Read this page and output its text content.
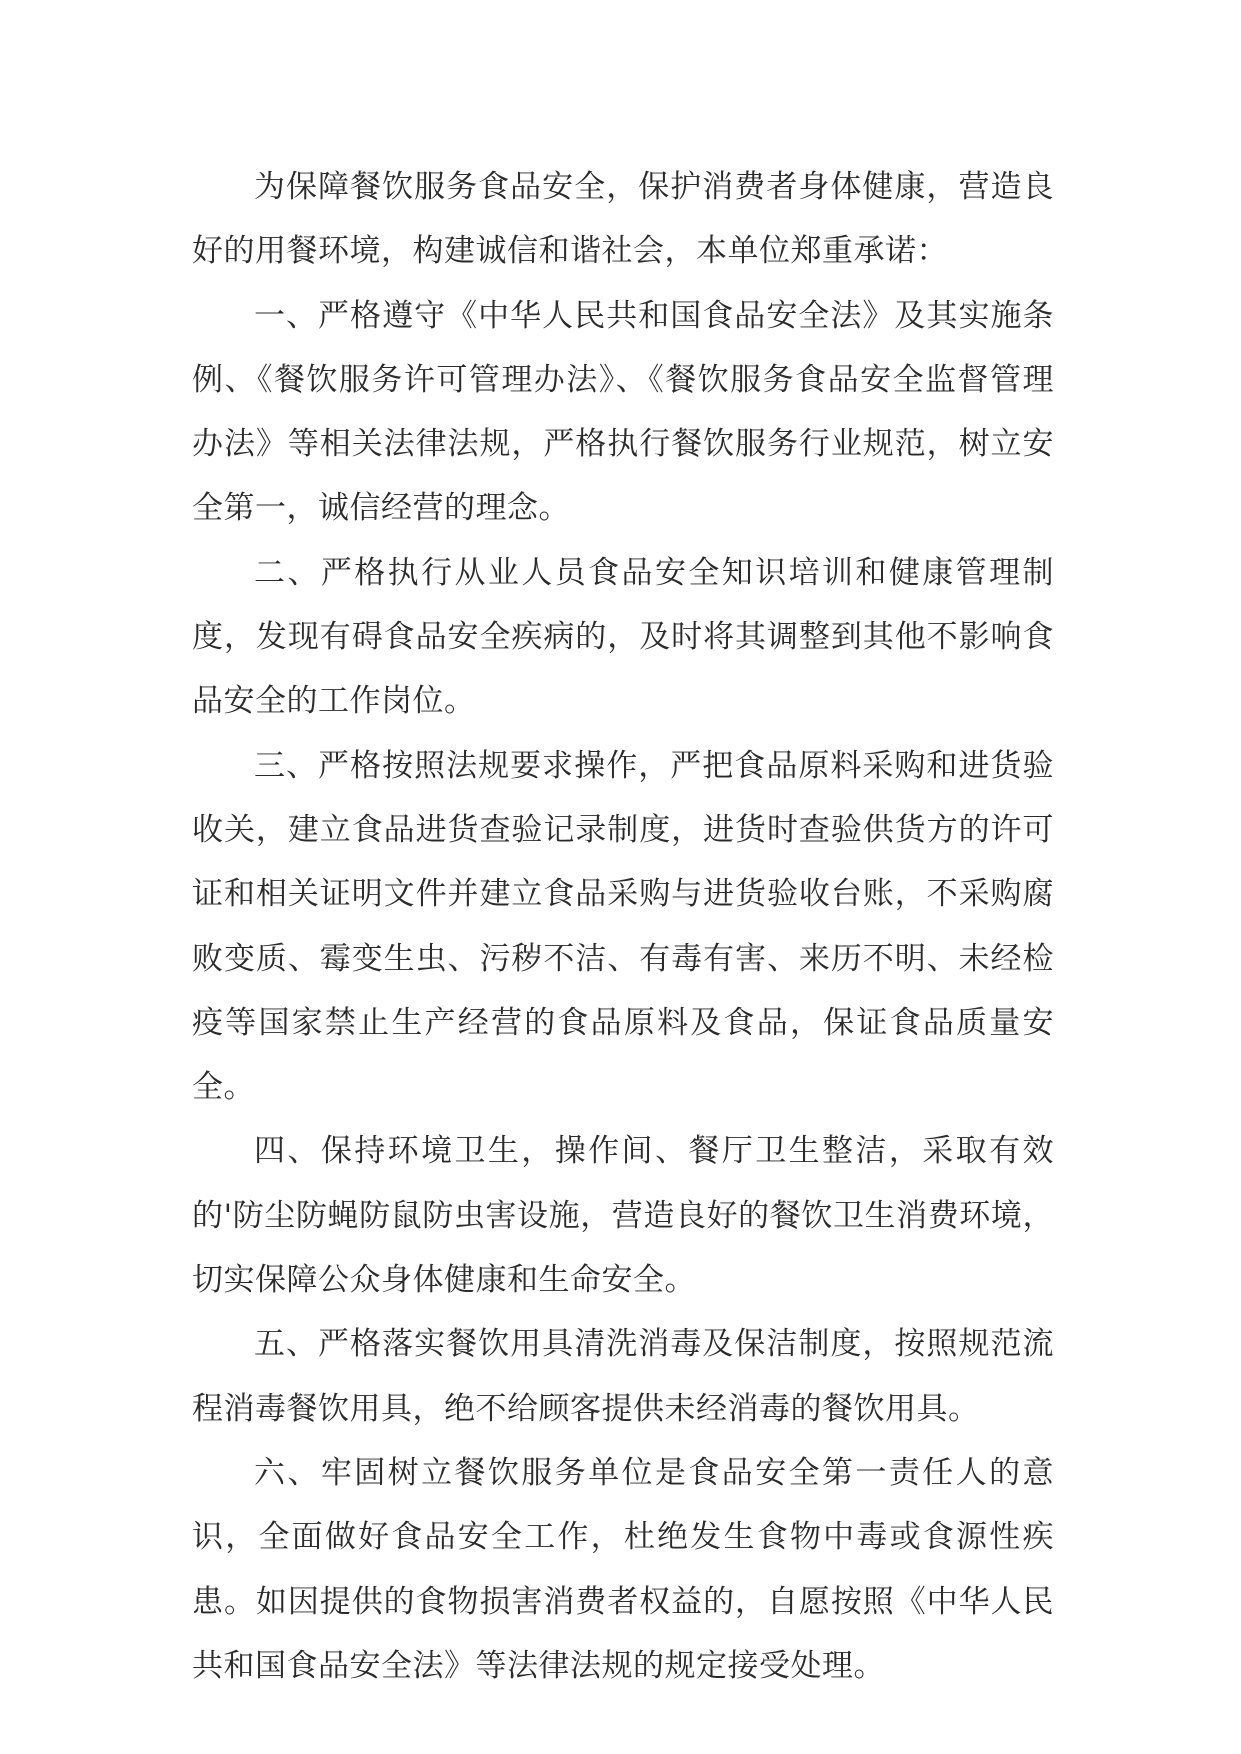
为保障餐饮服务食品安全，保护消费者身体健康，营造良好的用餐环境，构建诚信和谐社会，本单位郑重承诺：

一、严格遵守《中华人民共和国食品安全法》及其实施条例、《餐饮服务许可管理办法》、《餐饮服务食品安全监督管理办法》等相关法律法规，严格执行餐饮服务行业规范，树立安全第一，诚信经营的理念。

二、严格执行从业人员食品安全知识培训和健康管理制度，发现有碍食品安全疾病的，及时将其调整到其他不影响食品安全的工作岗位。

三、严格按照法规要求操作，严把食品原料采购和进货验收关，建立食品进货查验记录制度，进货时查验供货方的许可证和相关证明文件并建立食品采购与进货验收台账，不采购腐败变质、霉变生虫、污秽不洁、有毒有害、来历不明、未经检疫等国家禁止生产经营的食品原料及食品，保证食品质量安全。

四、保持环境卫生，操作间、餐厅卫生整洁，采取有效的'防尘防蝇防鼠防虫害设施，营造良好的餐饮卫生消费环境，切实保障公众身体健康和生命安全。

五、严格落实餐饮用具清洗消毒及保洁制度，按照规范流程消毒餐饮用具，绝不给顾客提供未经消毒的餐饮用具。

六、牢固树立餐饮服务单位是食品安全第一责任人的意识，全面做好食品安全工作，杜绝发生食物中毒或食源性疾患。如因提供的食物损害消费者权益的，自愿按照《中华人民共和国食品安全法》等法律法规的规定接受处理。
